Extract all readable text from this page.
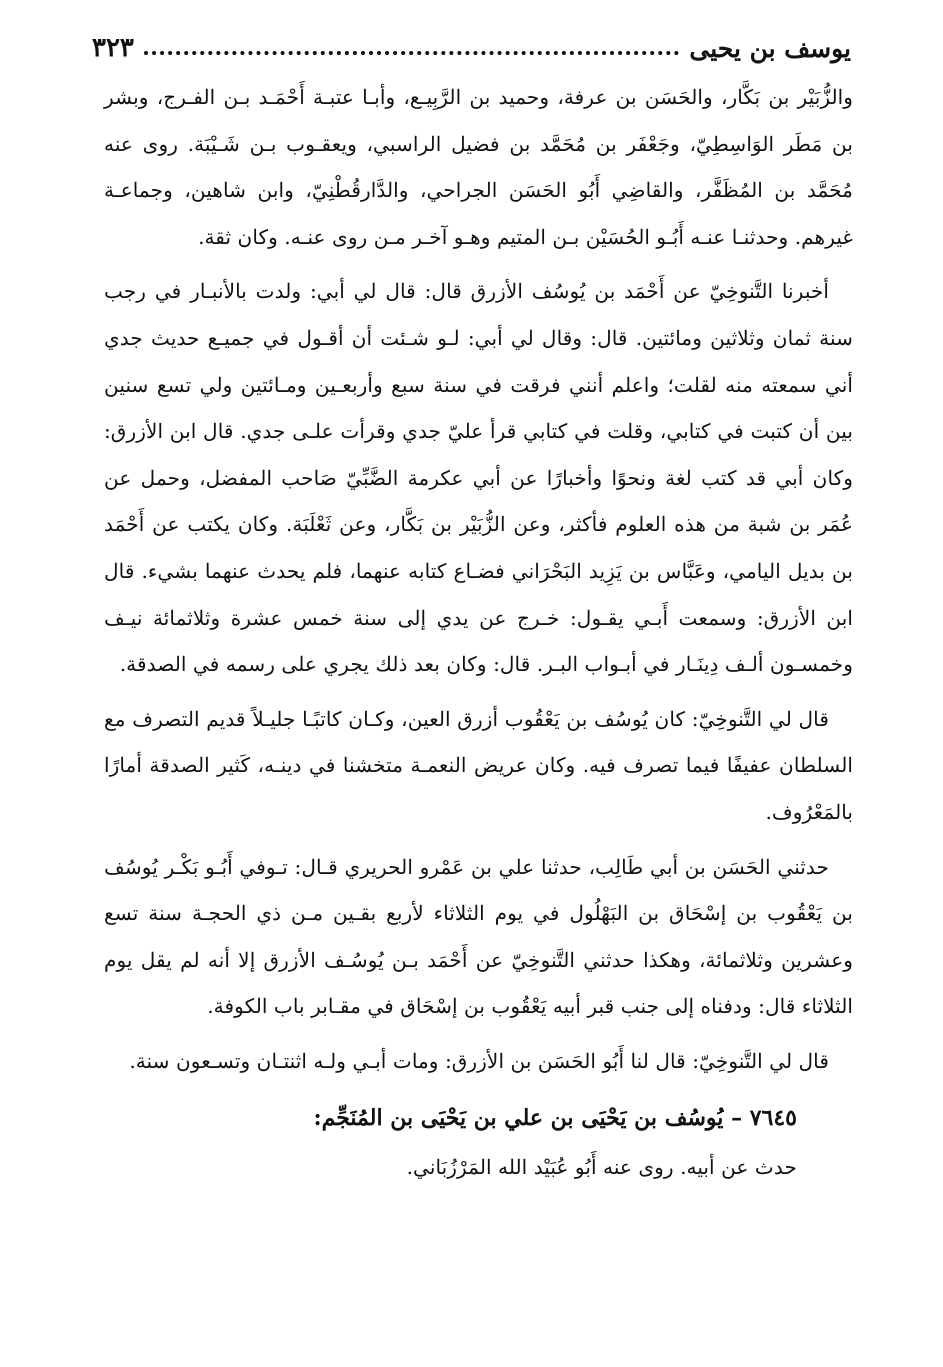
يوسف بن يحيى
٣٢٣

والزُّبَيْر بن بَكَّار، والحَسَن بن عرفة، وحميد بن الرَّبِيـع، وأبـا عتبـة أَحْمَـد بـن الفـرج، وبشر بن مَطَر الوَاسِطِيّ، وجَعْفَر بن مُحَمَّد بن فضيل الراسبي، ويعقـوب بـن شَـيْبَة. روى عنه مُحَمَّد بن المُظَفَّر، والقاضِي أَبُو الحَسَن الجراحي، والدَّارقُطْنِيّ، وابن شاهين، وجماعـة غيرهم. وحدثنـا عنـه أَبُـو الحُسَيْن بـن المتيم وهـو آخـر مـن روى عنـه. وكان ثقة.

أخبرنا التَّنوخِيّ عن أَحْمَد بن يُوسُف الأزرق قال: قال لي أبي: ولدت بالأنبـار في رجب سنة ثمان وثلاثين ومائتين. قال: وقال لي أبي: لـو شـئت أن أقـول في جميـع حديث جدي أني سمعته منه لقلت؛ واعلم أنني فرقت في سنة سبع وأربعـين ومـائتين ولي تسع سنين بين أن كتبت في كتابي، وقلت في كتابي قرأ عليّ جدي وقرأت علـى جدي. قال ابن الأزرق: وكان أبي قد كتب لغة ونحوًا وأخبارًا عن أبي عكرمة الضَّبِّيّ صَاحب المفضل، وحمل عن عُمَر بن شبة من هذه العلوم فأكثر، وعن الزُّبَيْر بن بَكَّار، وعن ثَعْلَبَة. وكان يكتب عن أَحْمَد بن بديل اليامي، وعَبَّاس بن يَزِيد البَحْرَاني فضـاع كتابه عنهما، فلم يحدث عنهما بشيء. قال ابن الأزرق: وسمعت أَبـي يقـول: خـرج عن يدي إلى سنة خمس عشرة وثلاثمائة نيـف وخمسـون ألـف دِينَـار في أبـواب البـر. قال: وكان بعد ذلك يجري على رسمه في الصدقة.

قال لي التَّنوخِيّ: كان يُوسُف بن يَعْقُوب أزرق العين، وكـان كاتبًـا جليـلاً قديم التصرف مع السلطان عفيفًا فيما تصرف فيه. وكان عريض النعمـة متخشنا في دينـه، كَثير الصدقة أمارًا بالمَعْرُوف.

حدثني الحَسَن بن أبي طَالِب، حدثنا علي بن عَمْرو الحريري قـال: تـوفي أَبُـو بَكْـر يُوسُف بن يَعْقُوب بن إسْحَاق بن البَهْلُول في يوم الثلاثاء لأربع بقـين مـن ذي الحجـة سنة تسع وعشرين وثلاثمائة، وهكذا حدثني التَّنوخِيّ عن أَحْمَد بـن يُوسُـف الأزرق إلا أنه لم يقل يوم الثلاثاء قال: ودفناه إلى جنب قبر أبيه يَعْقُوب بن إسْحَاق في مقـابر باب الكوفة.

قال لي التَّنوخِيّ: قال لنا أَبُو الحَسَن بن الأزرق: ومات أبـي ولـه اثنتـان وتسـعون سنة.

٧٦٤٥ – يُوسُف بن يَحْيَى بن علي بن يَحْيَى بن المُنَجِّم:

حدث عن أبيه. روى عنه أَبُو عُبَيْد الله المَرْزُبَاني.
